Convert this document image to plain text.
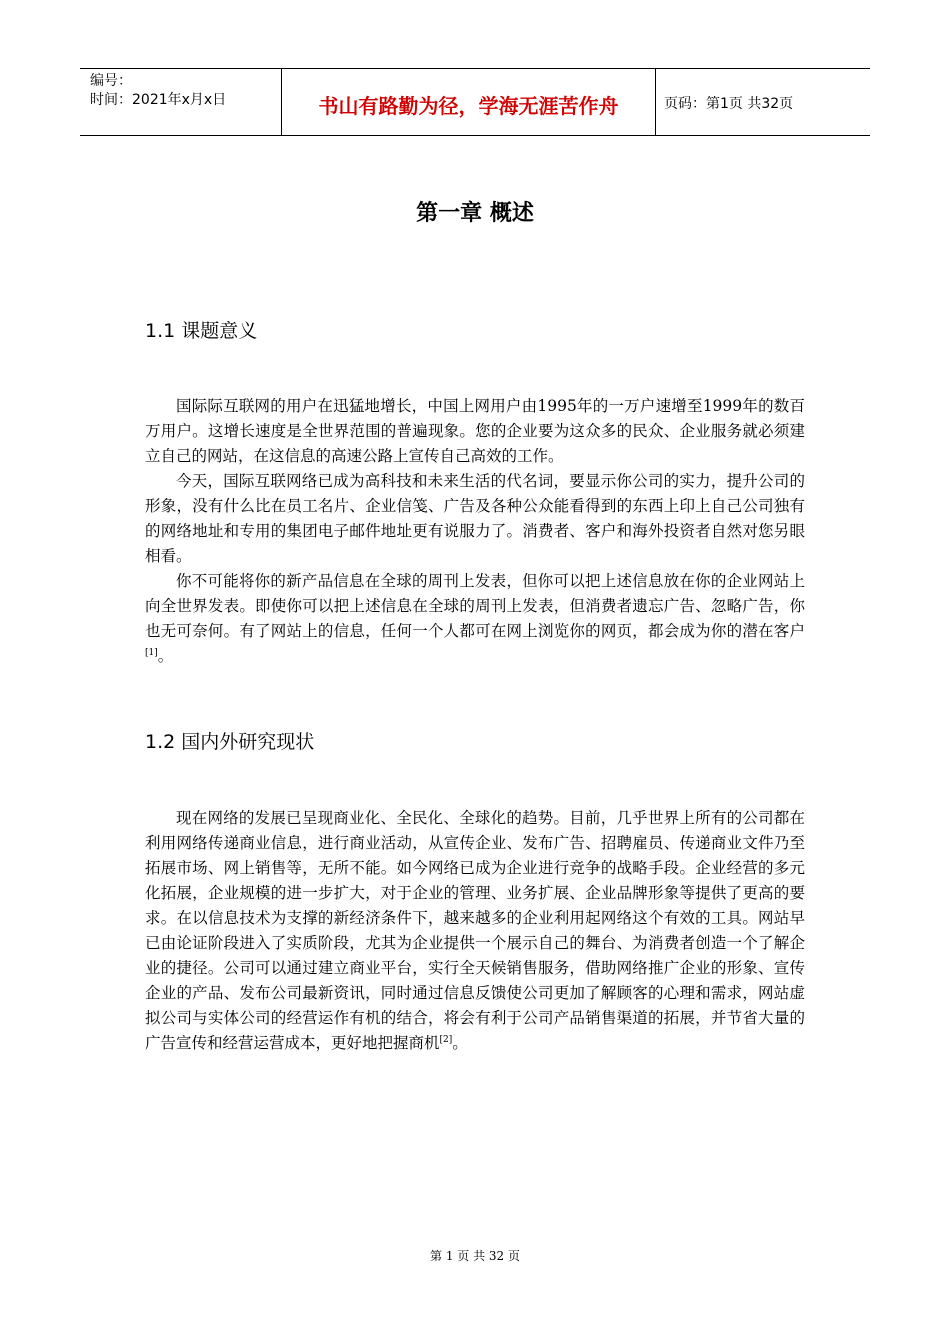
编号：
时间：2021年x月x日	书山有路勤为径，学海无涯苦作舟	页码：第1页 共32页
第一章 概述
1.1 课题意义

国际际互联网的用户在迅猛地增长，中国上网用户由1995年的一万户速增至1999年的数百万用户。这增长速度是全世界范围的普遍现象。您的企业要为这众多的民众、企业服务就必须建立自己的网站，在这信息的高速公路上宣传自己高效的工作。

今天，国际互联网络已成为高科技和未来生活的代名词，要显示你公司的实力，提升公司的形象，没有什么比在员工名片、企业信笺、广告及各种公众能看得到的东西上印上自己公司独有的网络地址和专用的集团电子邮件地址更有说服力了。消费者、客户和海外投资者自然对您另眼相看。

你不可能将你的新产品信息在全球的周刊上发表，但你可以把上述信息放在你的企业网站上向全世界发表。即使你可以把上述信息在全球的周刊上发表，但消费者遗忘广告、忽略广告，你也无可奈何。有了网站上的信息，任何一个人都可在网上浏览你的网页，都会成为你的潜在客户[1]。

1.2 国内外研究现状

现在网络的发展已呈现商业化、全民化、全球化的趋势。目前，几乎世界上所有的公司都在利用网络传递商业信息，进行商业活动，从宣传企业、发布广告、招聘雇员、传递商业文件乃至拓展市场、网上销售等，无所不能。如今网络已成为企业进行竞争的战略手段。企业经营的多元化拓展，企业规模的进一步扩大，对于企业的管理、业务扩展、企业品牌形象等提供了更高的要求。在以信息技术为支撑的新经济条件下，越来越多的企业利用起网络这个有效的工具。网站早已由论证阶段进入了实质阶段，尤其为企业提供一个展示自己的舞台、为消费者创造一个了解企业的捷径。公司可以通过建立商业平台，实行全天候销售服务，借助网络推广企业的形象、宣传企业的产品、发布公司最新资讯，同时通过信息反馈使公司更加了解顾客的心理和需求，网站虚拟公司与实体公司的经营运作有机的结合，将会有利于公司产品销售渠道的拓展，并节省大量的广告宣传和经营运营成本，更好地把握商机[2]。

第 1 页 共 32 页
